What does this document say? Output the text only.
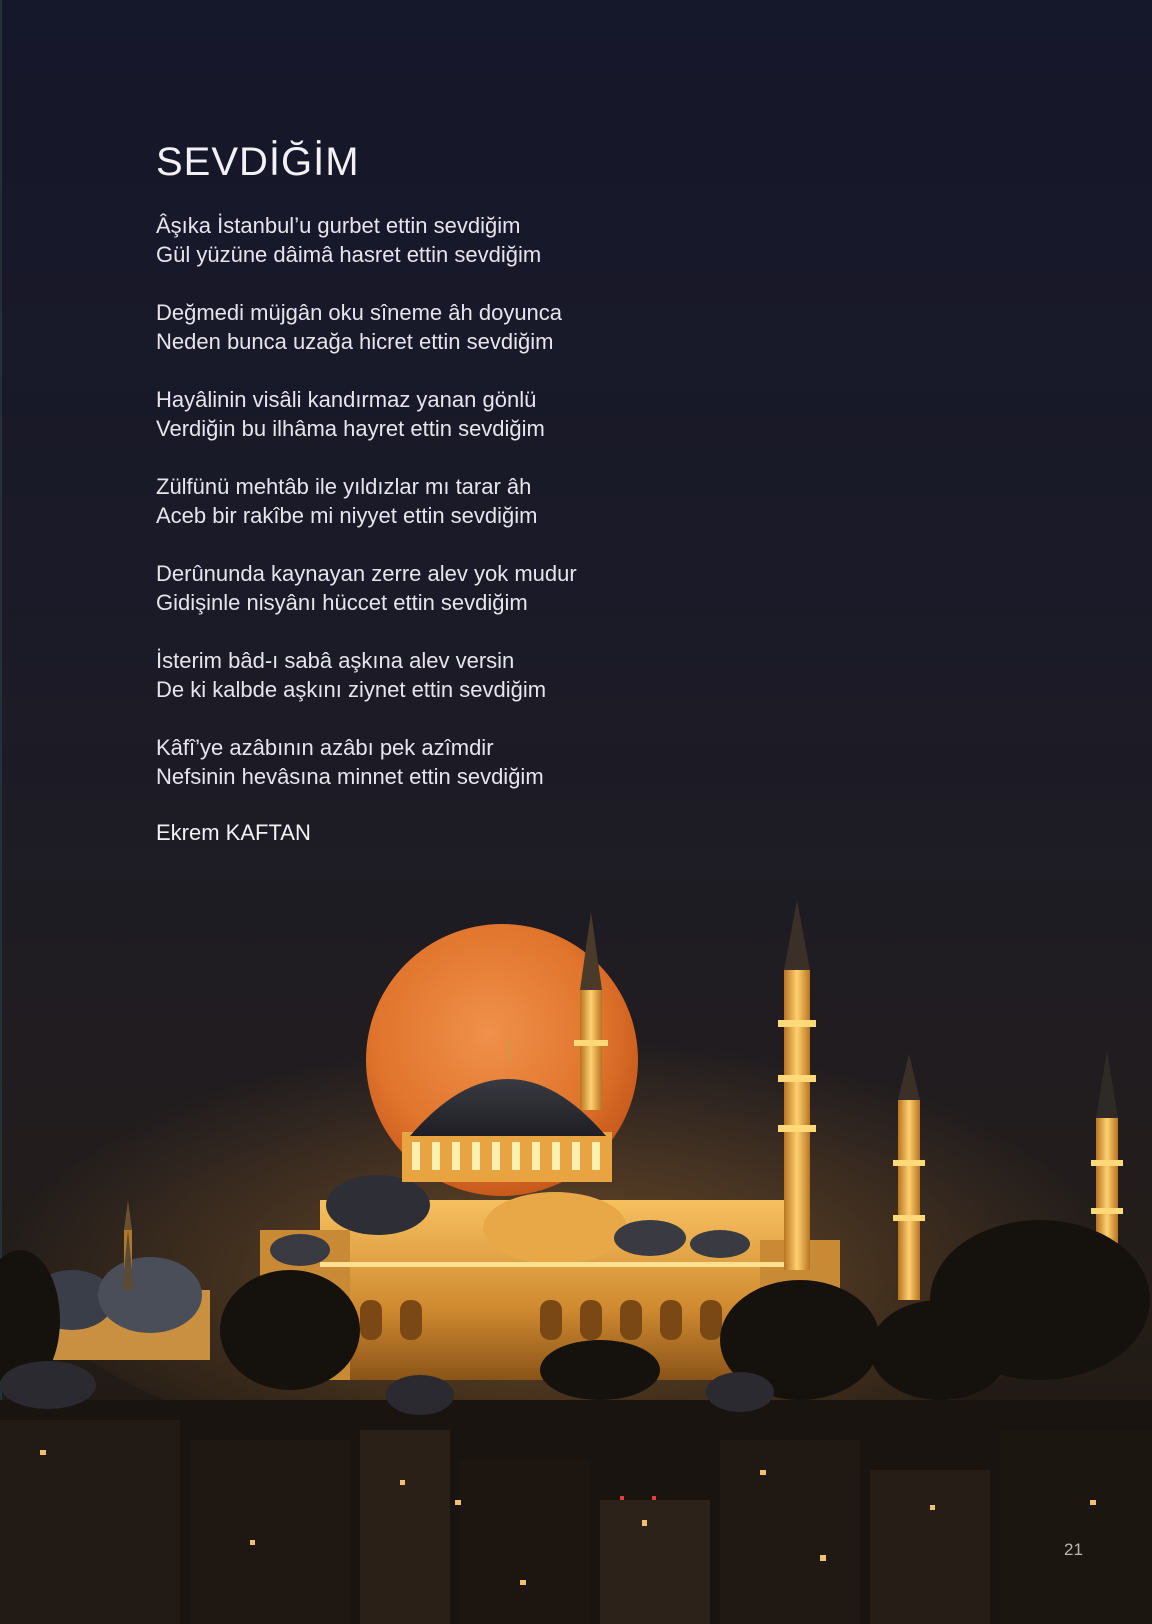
SEVDİĞİM
Âşıka İstanbul’u gurbet ettin sevdiğim
Gül yüzüne dâimâ hasret ettin sevdiğim
Değmedi müjgân oku sîneme âh doyunca
Neden bunca uzağa hicret ettin sevdiğim
Hayâlinin visâli kandırmaz yanan gönlü
Verdiğin bu ilhâma hayret ettin sevdiğim
Zülfünü mehtâb ile yıldızlar mı tarar âh
Aceb bir rakîbe mi niyyet ettin sevdiğim
Derûnunda kaynayan zerre alev yok mudur
Gidişinle nisyânı hüccet ettin sevdiğim
İsterim bâd-ı sabâ aşkına alev versin
De ki kalbde aşkını ziynet ettin sevdiğim
Kâfî’ye azâbının azâbı pek azîmdir
Nefsinin hevâsına minnet ettin sevdiğim
Ekrem KAFTAN
21
